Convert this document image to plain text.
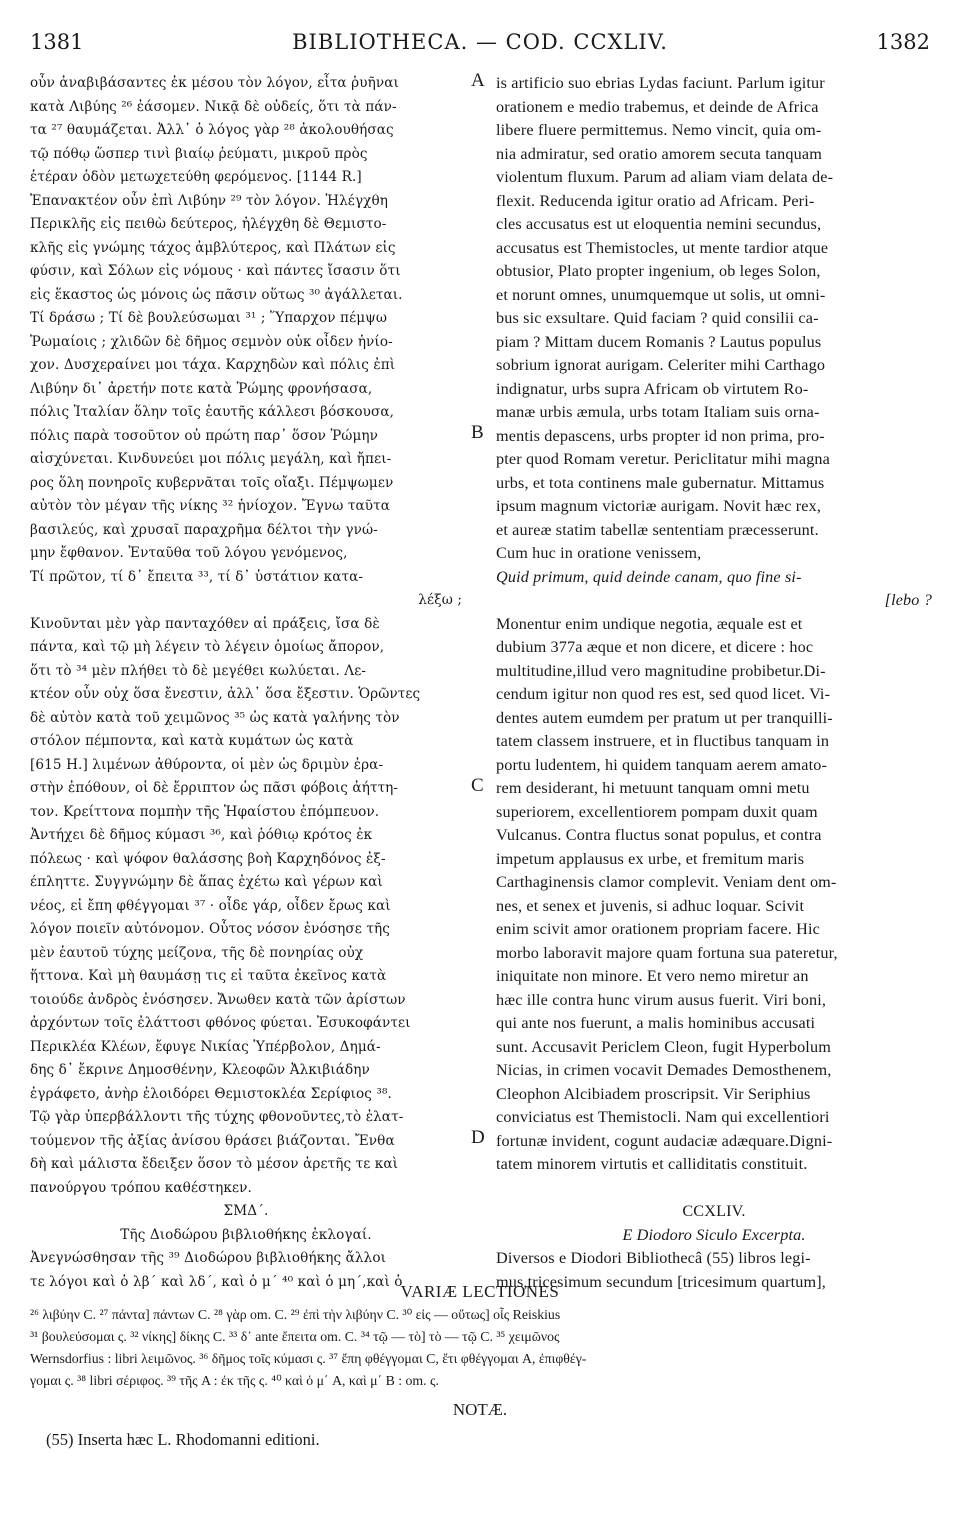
1381	BIBLIOTHECA. — COD. CCXLIV.	1382
οὖν ἀναβιβάσαντες ἐκ μέσου τὸν λόγον, εἶτα ῥυῆναι
κατὰ Λιβύης ²⁶ ἐάσομεν. Νικᾷ δὲ οὐδείς, ὅτι τὰ πάν-
τα ²⁷ θαυμάζεται. Ἀλλ᾽ ὁ λόγος γὰρ ²⁸ ἀκολουθήσας
τῷ πόθῳ ὥσπερ τινὶ βιαίῳ ῥεύματι, μικροῦ πρὸς
ἑτέραν ὁδὸν μετωχετεύθη φερόμενος. [1144 R.]
Ἐπανακτέον οὖν ἐπὶ Λιβύην ²⁹ τὸν λόγον. Ἠλέγχθη
Περικλῆς εἰς πειθὼ δεύτερος, ἠλέγχθη δὲ Θεμιστο-
κλῆς εἰς γνώμης τάχος ἀμβλύτερος, καὶ Πλάτων εἰς
φύσιν, καὶ Σόλων εἰς νόμους · καὶ πάντες ἴσασιν ὅτι
εἰς ἕκαστος ὡς μόνοις ὡς πᾶσιν οὕτως ³⁰ ἀγάλλεται.
Τί δράσω ; Τί δὲ βουλεύσωμαι ³¹ ; Ὕπαρχον πέμψω
Ῥωμαίοις ; χλιδῶν δὲ δῆμος σεμνὸν οὐκ οἶδεν ἡνίο-
χον. Δυσχεραίνει μοι τάχα. Καρχηδὼν καὶ πόλις ἐπὶ
Λιβύην δι᾽ ἀρετήν ποτε κατὰ Ῥώμης φρονήσασα,
πόλις Ἰταλίαν ὅλην τοῖς ἑαυτῆς κάλλεσι βόσκουσα,
πόλις παρὰ τοσοῦτον οὐ πρώτη παρ᾽ ὅσον Ῥώμην
αἰσχύνεται. Κινδυνεύει μοι πόλις μεγάλη, καὶ ἤπει-
ρος ὅλη πονηροῖς κυβερνᾶται τοῖς οἴαξι. Πέμψωμεν
αὐτὸν τὸν μέγαν τῆς νίκης ³² ἡνίοχον. Ἔγνω ταῦτα
βασιλεύς, καὶ χρυσαῖ παραχρῆμα δέλτοι τὴν γνώ-
μην ἔφθανον. Ἐνταῦθα τοῦ λόγου γενόμενος,
Τί πρῶτον, τί δ᾽ ἔπειτα ³³, τί δ᾽ ὑστάτιον κατα-
λέξω ;
Κινοῦνται μὲν γὰρ πανταχόθεν αἱ πράξεις, ἴσα δὲ
πάντα, καὶ τῷ μὴ λέγειν τὸ λέγειν ὁμοίως ἄπορον,
ὅτι τὸ ³⁴ μὲν πλήθει τὸ δὲ μεγέθει κωλύεται. Λε-
κτέον οὖν οὐχ ὅσα ἔνεστιν, ἀλλ᾽ ὅσα ἔξεστιν. Ὁρῶντες
δὲ αὐτὸν κατὰ τοῦ χειμῶνος ³⁵ ὡς κατὰ γαλήνης τὸν
στόλον πέμποντα, καὶ κατὰ κυμάτων ὡς κατὰ
[615 H.] λιμένων ἀθύροντα, οἱ μὲν ὡς δριμὺν ἐρα-
στὴν ἐπόθουν, οἱ δὲ ἔρριπτον ὡς πᾶσι φόβοις ἀήττη-
τον. Κρείττονα πομπὴν τῆς Ἡφαίστου ἐπόμπευον.
Ἀντήχει δὲ δῆμος κύμασι ³⁶, καὶ ῥόθιῳ κρότος ἐκ
πόλεως · καὶ ψόφον θαλάσσης βοὴ Καρχηδόνος ἐξ-
έπληττε. Συγγνώμην δὲ ἅπας ἐχέτω καὶ γέρων καὶ
νέος, εἰ ἔπη φθέγγομαι ³⁷ · οἶδε γάρ, οἶδεν ἔρως καὶ
λόγον ποιεῖν αὐτόνομον. Οὗτος νόσον ἐνόσησε τῆς
μὲν ἑαυτοῦ τύχης μείζονα, τῆς δὲ πονηρίας οὐχ
ἥττονα. Καὶ μὴ θαυμάσῃ τις εἰ ταῦτα ἐκεῖνος κατὰ
τοιούδε ἀνδρὸς ἐνόσησεν. Ἄνωθεν κατὰ τῶν ἀρίστων
ἀρχόντων τοῖς ἐλάττοσι φθόνος φύεται. Ἐσυκοφάντει
Περικλέα Κλέων, ἔφυγε Νικίας Ὑπέρβολον, Δημά-
δης δ᾽ ἔκρινε Δημοσθένην, Κλεοφῶν Ἀλκιβιάδην
ἐγράφετο, ἀνὴρ ἐλοιδόρει Θεμιστοκλέα Σερίφιος ³⁸.
Τῷ γὰρ ὑπερβάλλοντι τῆς τύχης φθονοῦντες,τὸ ἐλατ-
τούμενον τῆς ἀξίας ἀνίσου θράσει βιάζονται. Ἔνθα
δὴ καὶ μάλιστα ἔδειξεν ὅσον τὸ μέσον ἀρετῆς τε καὶ
πανούργου τρόπου καθέστηκεν.
ΣΜΔ΄.
Τῆς Διοδώρου βιβλιοθήκης ἐκλογαί.
Ἀνεγνώσθησαν τῆς ³⁹ Διοδώρου βιβλιοθήκης ἄλλοι
τε λόγοι καὶ ὁ λβ΄ καὶ λδ΄, καὶ ὁ μ΄ ⁴⁰ καὶ ὁ μη΄,καὶ ὁ
is artificio suo ebrias Lydas faciunt. Parlum igitur
orationem e medio trabemus, et deinde de Africa
libere fluere permittemus. Nemo vincit, quia om-
nia admiratur, sed oratio amorem secuta tanquam
violentum fluxum. Parum ad aliam viam delata de-
flexit. Reducenda igitur oratio ad Africam. Peri-
cles accusatus est ut eloquentia nemini secundus,
accusatus est Themistocles, ut mente tardior atque
obtusior, Plato propter ingenium, ob leges Solon,
et norunt omnes, unumquemque ut solis, ut omni-
bus sic exsultare. Quid faciam ? quid consilii ca-
piam ? Mittam ducem Romanis ? Lautus populus
sobrium ignorat aurigam. Celeriter mihi Carthago
indignatur, urbs supra Africam ob virtutem Ro-
manæ urbis æmula, urbs totam Italiam suis orna-
mentis depascens, urbs propter id non prima, pro-
pter quod Romam veretur. Periclitatur mihi magna
urbs, et tota continens male gubernatur. Mittamus
ipsum magnum victoriæ aurigam. Novit hæc rex,
et aureæ statim tabellæ sententiam præcesserunt.
Cum huc in oratione venissem,
Quid primum, quid deinde canam, quo fine si-
[lebo ?
Monentur enim undique negotia, æquale est et
dubium 377a æque et non dicere, et dicere : hoc
multitudine,illud vero magnitudine probibetur.Di-
cendum igitur non quod res est, sed quod licet. Vi-
dentes autem eumdem per pratum ut per tranquilli-
tatem classem instruere, et in fluctibus tanquam in
portu ludentem, hi quidem tanquam aerem amato-
rem desiderant, hi metuunt tanquam omni metu
superiorem, excellentiorem pompam duxit quam
Vulcanus. Contra fluctus sonat populus, et contra
impetum applausus ex urbe, et fremitum maris
Carthaginensis clamor complevit. Veniam dent om-
nes, et senex et juvenis, si adhuc loquar. Scivit
enim scivit amor orationem propriam facere. Hic
morbo laboravit majore quam fortuna sua pateretur,
iniquitate non minore. Et vero nemo miretur an
hæc ille contra hunc virum ausus fuerit. Viri boni,
qui ante nos fuerunt, a malis hominibus accusati
sunt. Accusavit Periclem Cleon, fugit Hyperbolum
Nicias, in crimen vocavit Demades Demosthenem,
Cleophon Alcibiadem proscripsit. Vir Seriphius
conviciatus est Themistocli. Nam qui excellentiori
fortunæ invident, cogunt audaciæ adæquare.Digni-
tatem minorem virtutis et calliditatis constituit.
CCXLIV.
E Diodoro Siculo Excerpta.
Diversos e Diodori Bibliothecâ (55) libros legi-
mus,tricesimum secundum [tricesimum quartum],
A
B
C
D
VARIÆ LECTIONES
²⁶ λιβύην C. ²⁷ πάντα] πάντων C. ²⁸ γὰρ om. C. ²⁹ ἐπὶ τὴν λιβύην C. ³⁰ εἰς — οὕτως] οἷς Reiskius
³¹ βουλεύσομαι ς. ³² νίκης] δίκης C. ³³ δ᾽ ante ἔπειτα om. C. ³⁴ τῷ — τὸ] τὸ — τῷ C. ³⁵ χειμῶνος
Wernsdorfius : libri λειμῶνος. ³⁶ δῆμος τοῖς κύμασι ς. ³⁷ ἔπη φθέγγομαι C, ἔτι φθέγγομαι A, ἐπιφθέγ-
γομαι ς. ³⁸ libri σέριφος. ³⁹ τῆς A : ἐκ τῆς ς. ⁴⁰ καὶ ὁ μ΄ A, καὶ μ΄ B : om. ς.
NOTÆ.
(55) Inserta hæc L. Rhodomanni editioni.
